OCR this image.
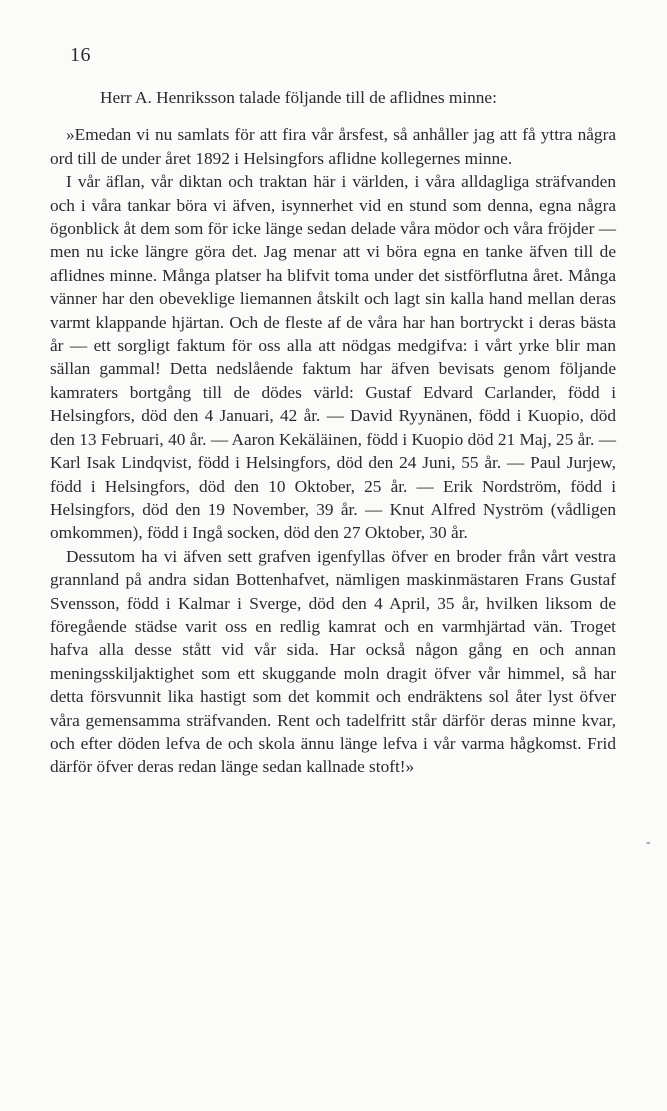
16

Herr A. Henriksson talade följande till de aflidnes minne:

»Emedan vi nu samlats för att fira vår årsfest, så anhåller jag att få yttra några ord till de under året 1892 i Helsingfors aflidne kollegernes minne.

I vår äflan, vår diktan och traktan här i världen, i våra alldagliga sträfvanden och i våra tankar böra vi äfven, isynnerhet vid en stund som denna, egna några ögonblick åt dem som för icke länge sedan delade våra mödor och våra fröjder — men nu icke längre göra det. Jag menar att vi böra egna en tanke äfven till de aflidnes minne. Många platser ha blifvit toma under det sistförflutna året. Många vänner har den obeveklige liemannen åtskilt och lagt sin kalla hand mellan deras varmt klappande hjärtan. Och de fleste af de våra har han bortryckt i deras bästa år — ett sorgligt faktum för oss alla att nödgas medgifva: i vårt yrke blir man sällan gammal! Detta nedslående faktum har äfven bevisats genom följande kamraters bortgång till de dödes värld: Gustaf Edvard Carlander, född i Helsingfors, död den 4 Januari, 42 år. — David Ryynänen, född i Kuopio, död den 13 Februari, 40 år. — Aaron Kekäläinen, född i Kuopio död 21 Maj, 25 år. — Karl Isak Lindqvist, född i Helsingfors, död den 24 Juni, 55 år. — Paul Jurjew, född i Helsingfors, död den 10 Oktober, 25 år. — Erik Nordström, född i Helsingfors, död den 19 November, 39 år. — Knut Alfred Nyström (vådligen omkommen), född i Ingå socken, död den 27 Oktober, 30 år.

Dessutom ha vi äfven sett grafven igenfyllas öfver en broder från vårt vestra grannland på andra sidan Bottenhafvet, nämligen maskinmästaren Frans Gustaf Svensson, född i Kalmar i Sverge, död den 4 April, 35 år, hvilken liksom de föregående städse varit oss en redlig kamrat och en varmhjärtad vän. Troget hafva alla desse stått vid vår sida. Har också någon gång en och annan meningsskiljaktighet som ett skuggande moln dragit öfver vår himmel, så har detta försvunnit lika hastigt som det kommit och endräktens sol åter lyst öfver våra gemensamma sträfvanden. Rent och tadelfritt står därför deras minne kvar, och efter döden lefva de och skola ännu länge lefva i vår varma hågkomst. Frid därför öfver deras redan länge sedan kallnade stoft!»

-
